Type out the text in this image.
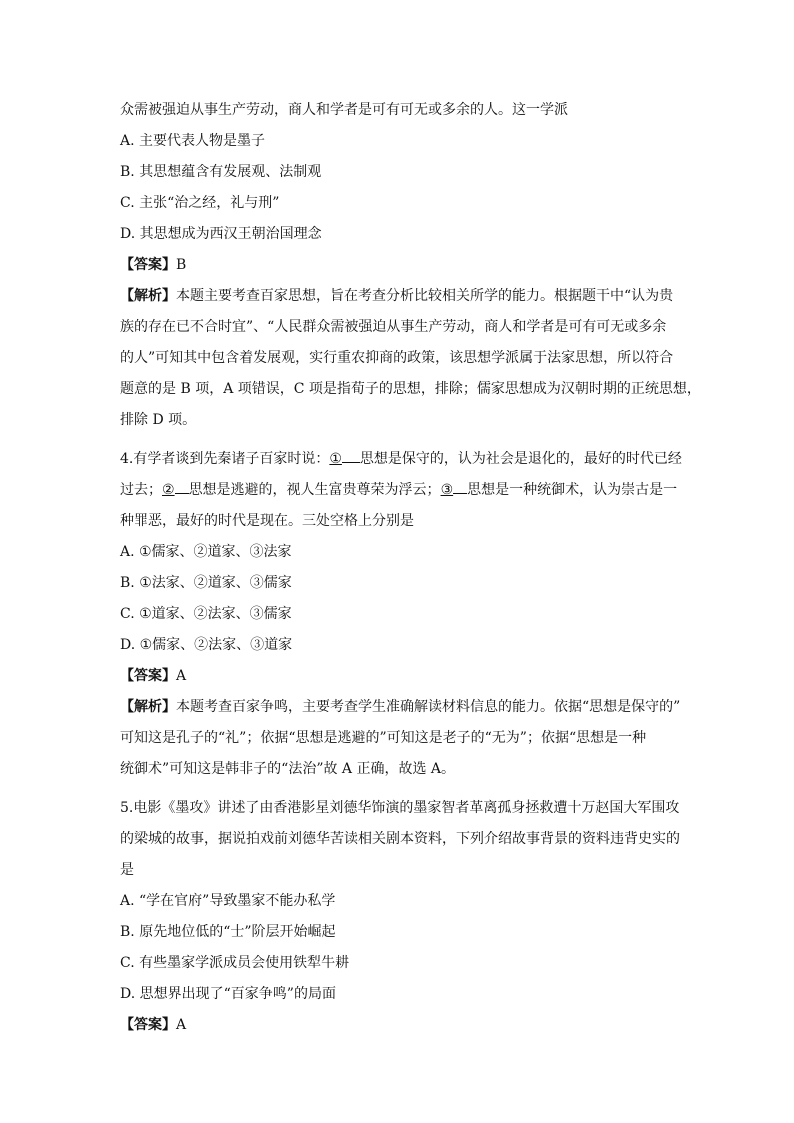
众需被强迫从事生产劳动，商人和学者是可有可无或多余的人。这一学派
A. 主要代表人物是墨子
B. 其思想蕴含有发展观、法制观
C. 主张“治之经，礼与刑”
D. 其思想成为西汉王朝治国理念
【答案】B
【解析】本题主要考查百家思想，旨在考查分析比较相关所学的能力。根据题干中“认为贵
族的存在已不合时宜”、“人民群众需被强迫从事生产劳动，商人和学者是可有可无或多余
的人”可知其中包含着发展观，实行重农抑商的政策，该思想学派属于法家思想，所以符合
题意的是 B 项，A 项错误，C 项是指荀子的思想，排除；儒家思想成为汉朝时期的正统思想，
排除 D 项。
4.有学者谈到先秦诸子百家时说：① 思想是保守的，认为社会是退化的，最好的时代已经
过去；② 思想是逃避的，视人生富贵尊荣为浮云；③ 思想是一种统御术，认为崇古是一
种罪恶，最好的时代是现在。三处空格上分别是
A. ①儒家、②道家、③法家
B. ①法家、②道家、③儒家
C. ①道家、②法家、③儒家
D. ①儒家、②法家、③道家
【答案】A
【解析】本题考查百家争鸣，主要考查学生准确解读材料信息的能力。依据“思想是保守的”
可知这是孔子的“礼”；依据“思想是逃避的”可知这是老子的“无为”；依据“思想是一种
统御术”可知这是韩非子的“法治”故 A 正确，故选 A。
5.电影《墨攻》讲述了由香港影星刘德华饰演的墨家智者革离孤身拯救遭十万赵国大军围攻
的梁城的故事，据说拍戏前刘德华苦读相关剧本资料，下列介绍故事背景的资料违背史实的
是
A. “学在官府”导致墨家不能办私学
B. 原先地位低的“士”阶层开始崛起
C. 有些墨家学派成员会使用铁犁牛耕
D. 思想界出现了“百家争鸣”的局面
【答案】A
